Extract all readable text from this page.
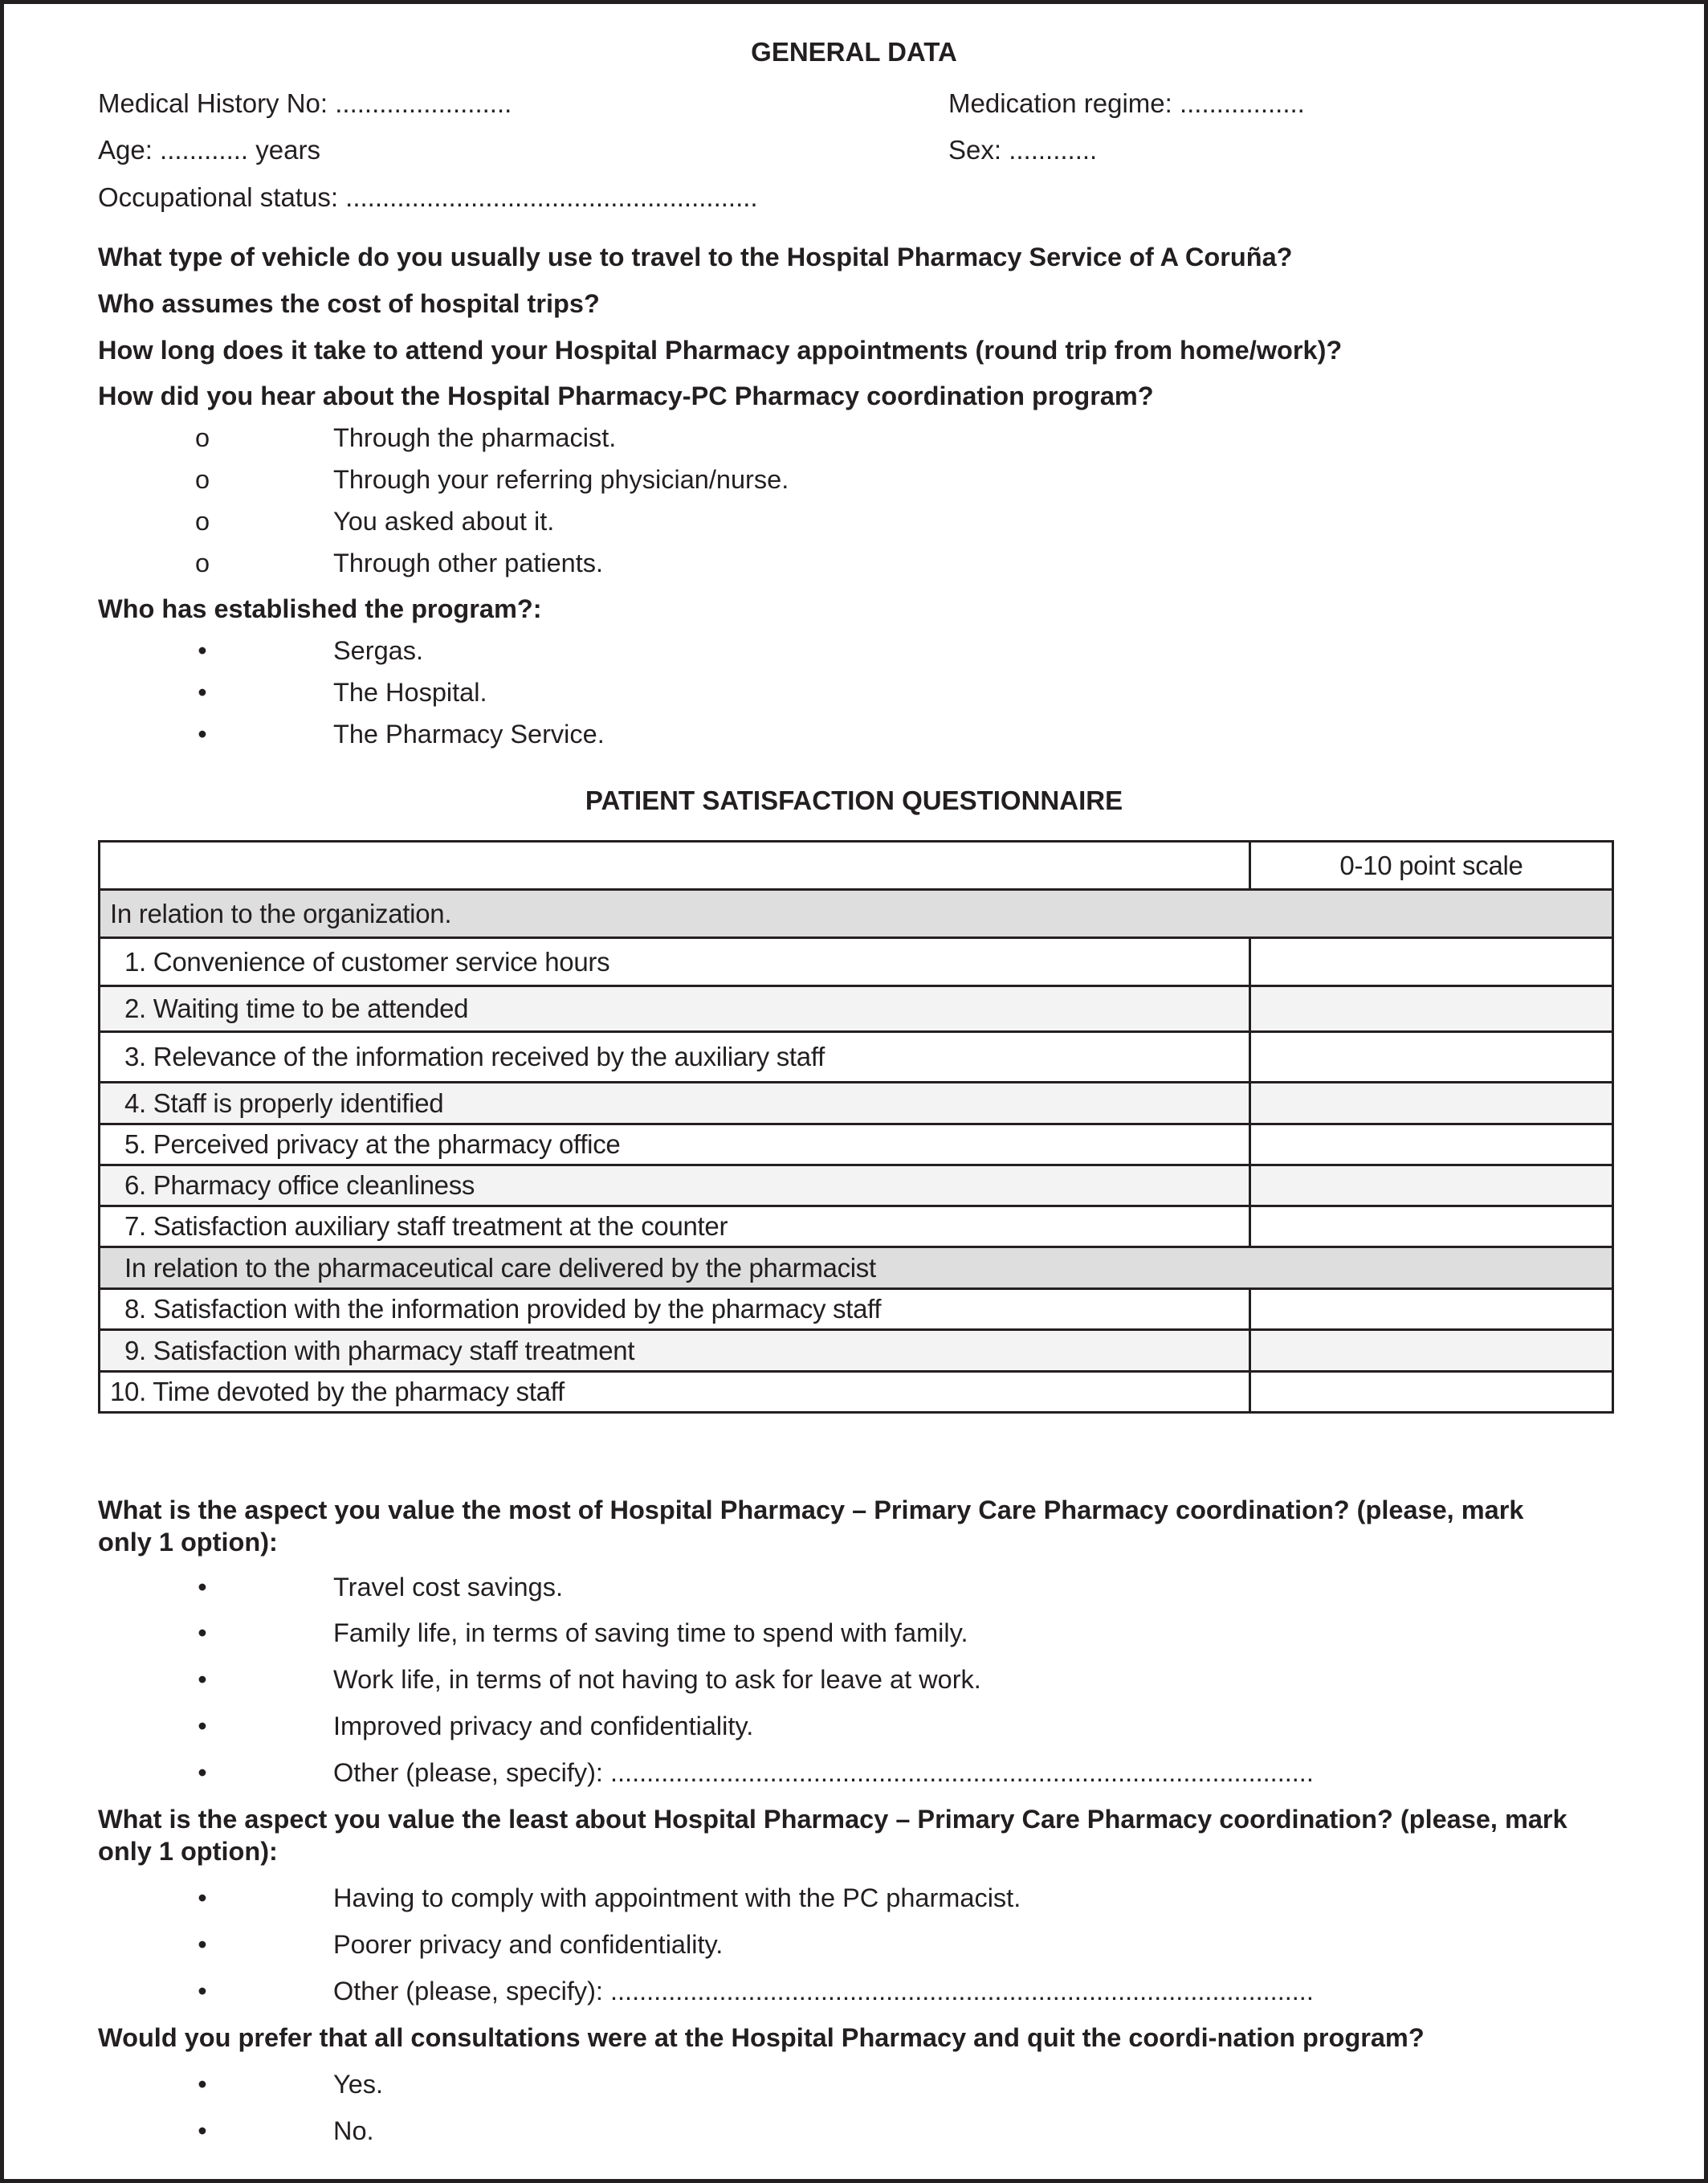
GENERAL DATA
Medical History No: ........................	Medication regime: .................
Age: ............ years	Sex: ............
Occupational status: ........................................................
What type of vehicle do you usually use to travel to the Hospital Pharmacy Service of A Coruña?
Who assumes the cost of hospital trips?
How long does it take to attend your Hospital Pharmacy appointments (round trip from home/work)?
How did you hear about the Hospital Pharmacy-PC Pharmacy coordination program?
o	Through the pharmacist.
o	Through your referring physician/nurse.
o	You asked about it.
o	Through other patients.
Who has established the program?:
•	Sergas.
•	The Hospital.
•	The Pharmacy Service.
PATIENT SATISFACTION QUESTIONNAIRE
	0-10 point scale
In relation to the organization.	
1. Convenience of customer service hours	
2. Waiting time to be attended	
3. Relevance of the information received by the auxiliary staff	
4. Staff is properly identified	
5. Perceived privacy at the pharmacy office	
6. Pharmacy office cleanliness	
7. Satisfaction auxiliary staff treatment at the counter	
In relation to the pharmaceutical care delivered by the pharmacist	
8. Satisfaction with the information provided by the pharmacy staff	
9. Satisfaction with pharmacy staff treatment	
10. Time devoted by the pharmacy staff	
What is the aspect you value the most of Hospital Pharmacy – Primary Care Pharmacy coordination? (please, mark
only 1 option):
•	Travel cost savings.
•	Family life, in terms of saving time to spend with family.
•	Work life, in terms of not having to ask for leave at work.
•	Improved privacy and confidentiality.
•	Other (please, specify): .................................................................................................
What is the aspect you value the least about Hospital Pharmacy – Primary Care Pharmacy coordination? (please, mark
only 1 option):
•	Having to comply with appointment with the PC pharmacist.
•	Poorer privacy and confidentiality.
•	Other (please, specify): .................................................................................................
Would you prefer that all consultations were at the Hospital Pharmacy and quit the coordi-nation program?
•	Yes.
•	No.
